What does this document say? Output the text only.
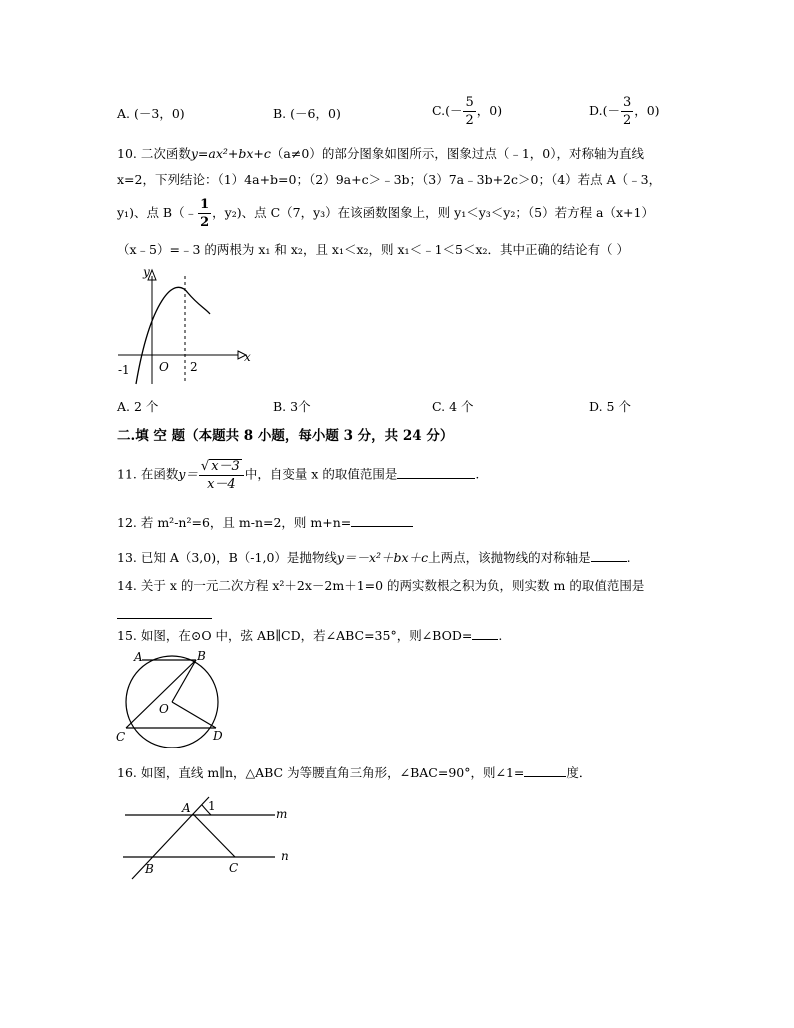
A. (－3，0)	B. (－6，0)	$C.(- \frac{5}{2}$ ，0)	$D.(- \frac{3}{2}$ ，0)
10. 二次函数y=ax²+bx+c（a≠0）的部分图象如图所示，图象过点（﹣1，0），对称轴为直线
x=2，下列结论：（1）4a+b=0；（2）9a+c＞﹣3b；（3）7a﹣3b+2c＞0；（4）若点 A（﹣3，
y₁)、点 B（﹣ $\frac{1}{2}$ ，y₂)、点 C（7，y₃）在该函数图象上，则 y₁＜y₃＜y₂；（5）若方程 a（x+1）
（x﹣5）=﹣3 的两根为 x₁ 和 x₂，且 x₁＜x₂，则 x₁＜﹣1＜5＜x₂．其中正确的结论有（ ）
y
x
-1 O 2
A. 2 个	B. 3个	C. 4 个	D. 5 个
二.填 空 题（本题共 8 小题，每小题 3 分，共 24 分）
11. 在函数$y= \frac{√ x-3}{x-4}$ 中，自变量 x 的取值范围是	.
12. 若 m²-n²=6，且 m-n=2，则 m+n=
13. 已知 A（3,0)，B（-1,0）是抛物线y＝－x²＋bx＋c上两点，该抛物线的对称轴是	.
14. 关于 x 的一元二次方程 x²＋2x－2m＋1=0 的两实数根之积为负，则实数 m 的取值范围是
15. 如图，在⊙O 中，弦 AB∥CD，若∠ABC=35°，则∠BOD= .
A	B
C	D
O
16. 如图，直线 m∥n，△ABC 为等腰直角三角形，∠BAC=90°，则∠1=	度．
A 1
m
n
B	C
